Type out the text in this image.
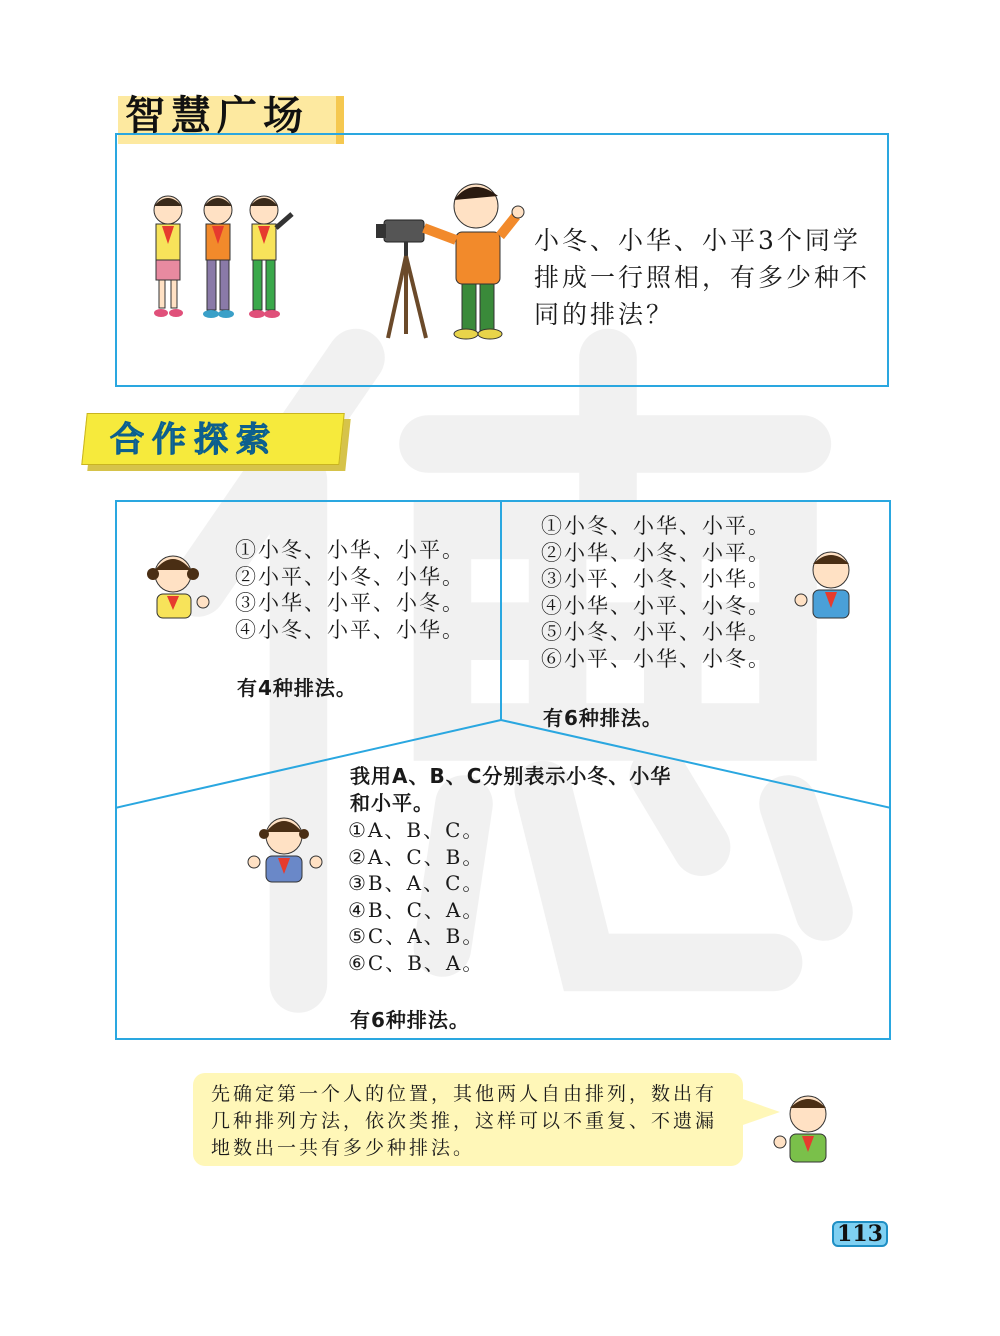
智慧广场
小冬、小华、小平3个同学排成一行照相，有多少种不同的排法？
合作探索
①小冬、小华、小平。
②小平、小冬、小华。
③小华、小平、小冬。
④小冬、小平、小华。
有4种排法。
①小冬、小华、小平。
②小华、小冬、小平。
③小平、小冬、小华。
④小华、小平、小冬。
⑤小冬、小平、小华。
⑥小平、小华、小冬。
有6种排法。
我用A、B、C分别表示小冬、小华和小平。
①A、B、C。
②A、C、B。
③B、A、C。
④B、C、A。
⑤C、A、B。
⑥C、B、A。
有6种排法。
先确定第一个人的位置，其他两人自由排列，数出有几种排列方法，依次类推，这样可以不重复、不遗漏地数出一共有多少种排法。
113
